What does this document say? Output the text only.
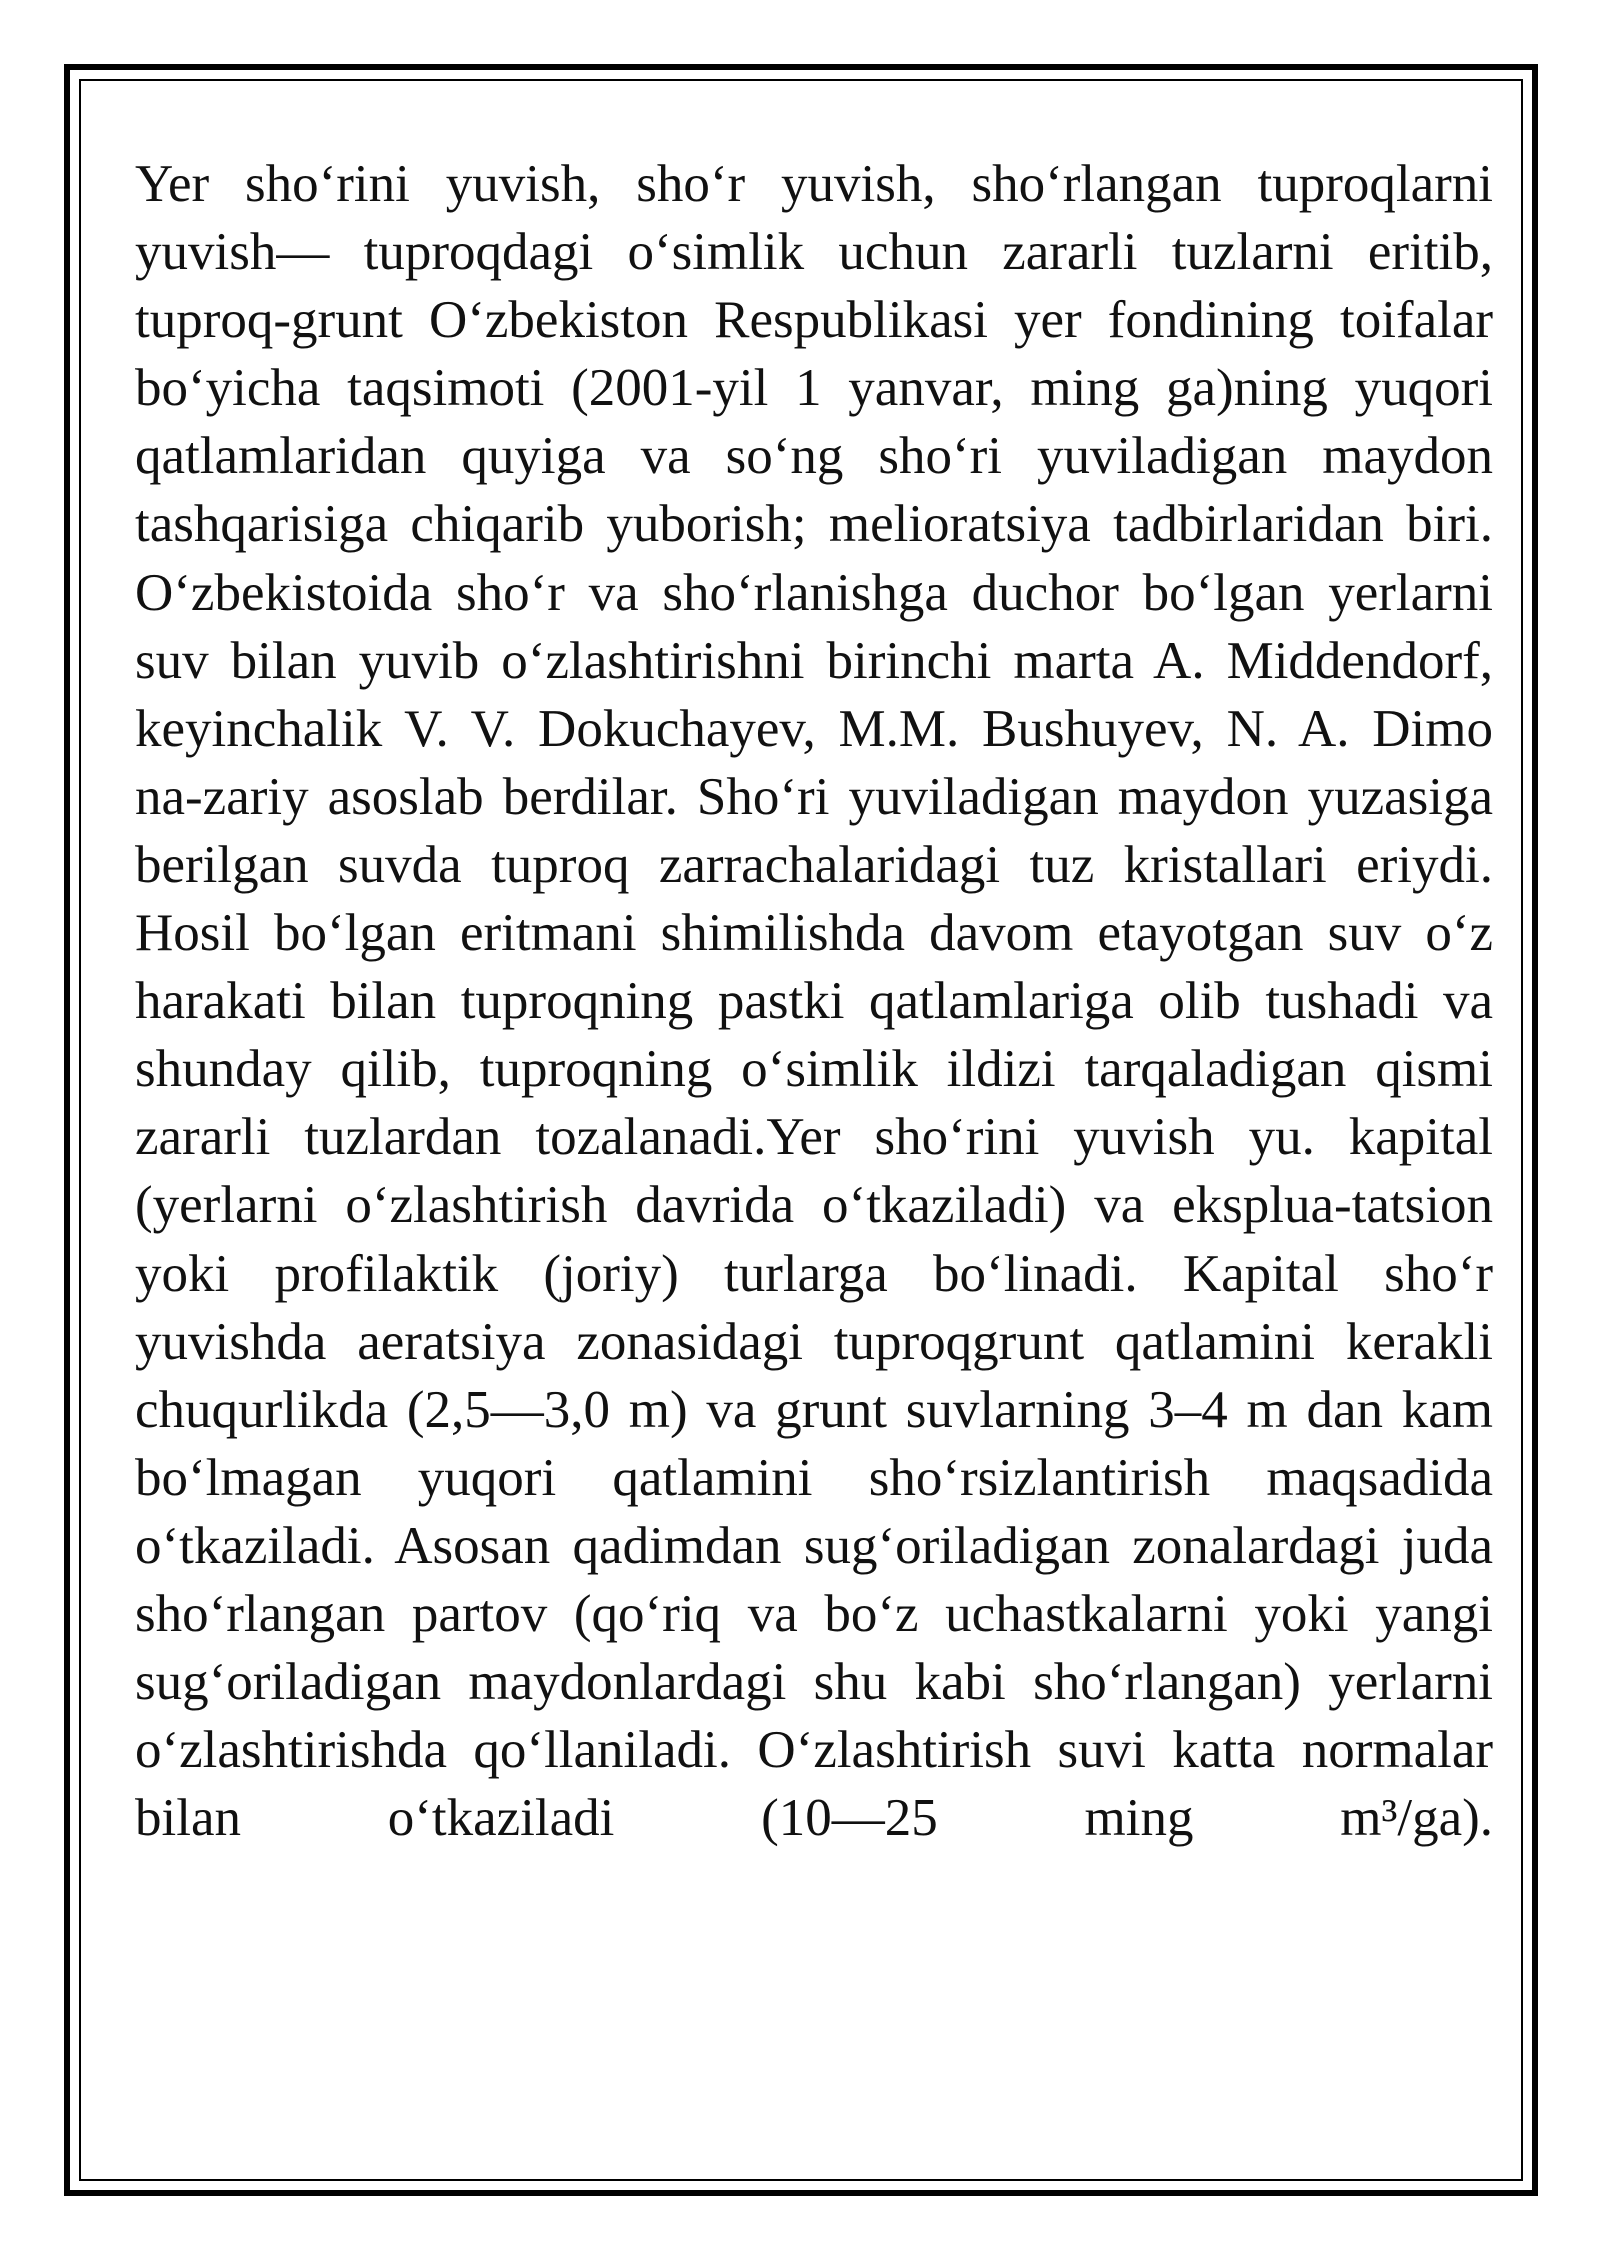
Yer sho‘rini yuvish, sho‘r yuvish, sho‘rlangan tuproqlarni yuvish— tuproqdagi o‘simlik uchun zararli tuzlarni eritib, tuproq-grunt O‘zbekiston Respublikasi yer fondining toifalar bo‘yicha taqsimoti (2001-yil 1 yanvar, ming ga)ning yuqori qatlamlaridan quyiga va so‘ng sho‘ri yuviladigan maydon tashqarisiga chiqarib yuborish; melioratsiya tadbirlaridan biri. O‘zbekistoida sho‘r va sho‘rlanishga duchor bo‘lgan yerlarni suv bilan yuvib o‘zlashtirishni birinchi marta A. Middendorf, keyinchalik V. V. Dokuchayev, M.M. Bushuyev, N. A. Dimo na-zariy asoslab berdilar. Sho‘ri yuviladigan maydon yuzasiga berilgan suvda tuproq zarrachalaridagi tuz kristallari eriydi. Hosil bo‘lgan eritmani shimilishda davom etayotgan suv o‘z harakati bilan tuproqning pastki qatlamlariga olib tushadi va shunday qilib, tuproqning o‘simlik ildizi tarqaladigan qismi zararli tuzlardan tozalanadi.Yer sho‘rini yuvish yu. kapital (yerlarni o‘zlashtirish davrida o‘tkaziladi) va eksplua-tatsion yoki profilaktik (joriy) turlarga bo‘linadi. Kapital sho‘r yuvishda aeratsiya zonasidagi tuproqgrunt qatlamini kerakli chuqurlikda (2,5—3,0 m) va grunt suvlarning 3–4 m dan kam bo‘lmagan yuqori qatlamini sho‘rsizlantirish maqsadida o‘tkaziladi. Asosan qadimdan sug‘oriladigan zonalardagi juda sho‘rlangan partov (qo‘riq va bo‘z uchastkalarni yoki yangi sug‘oriladigan maydonlardagi shu kabi sho‘rlangan) yerlarni o‘zlashtirishda qo‘llaniladi. O‘zlashtirish suvi katta normalar bilan o‘tkaziladi (10—25 ming m³/ga).
